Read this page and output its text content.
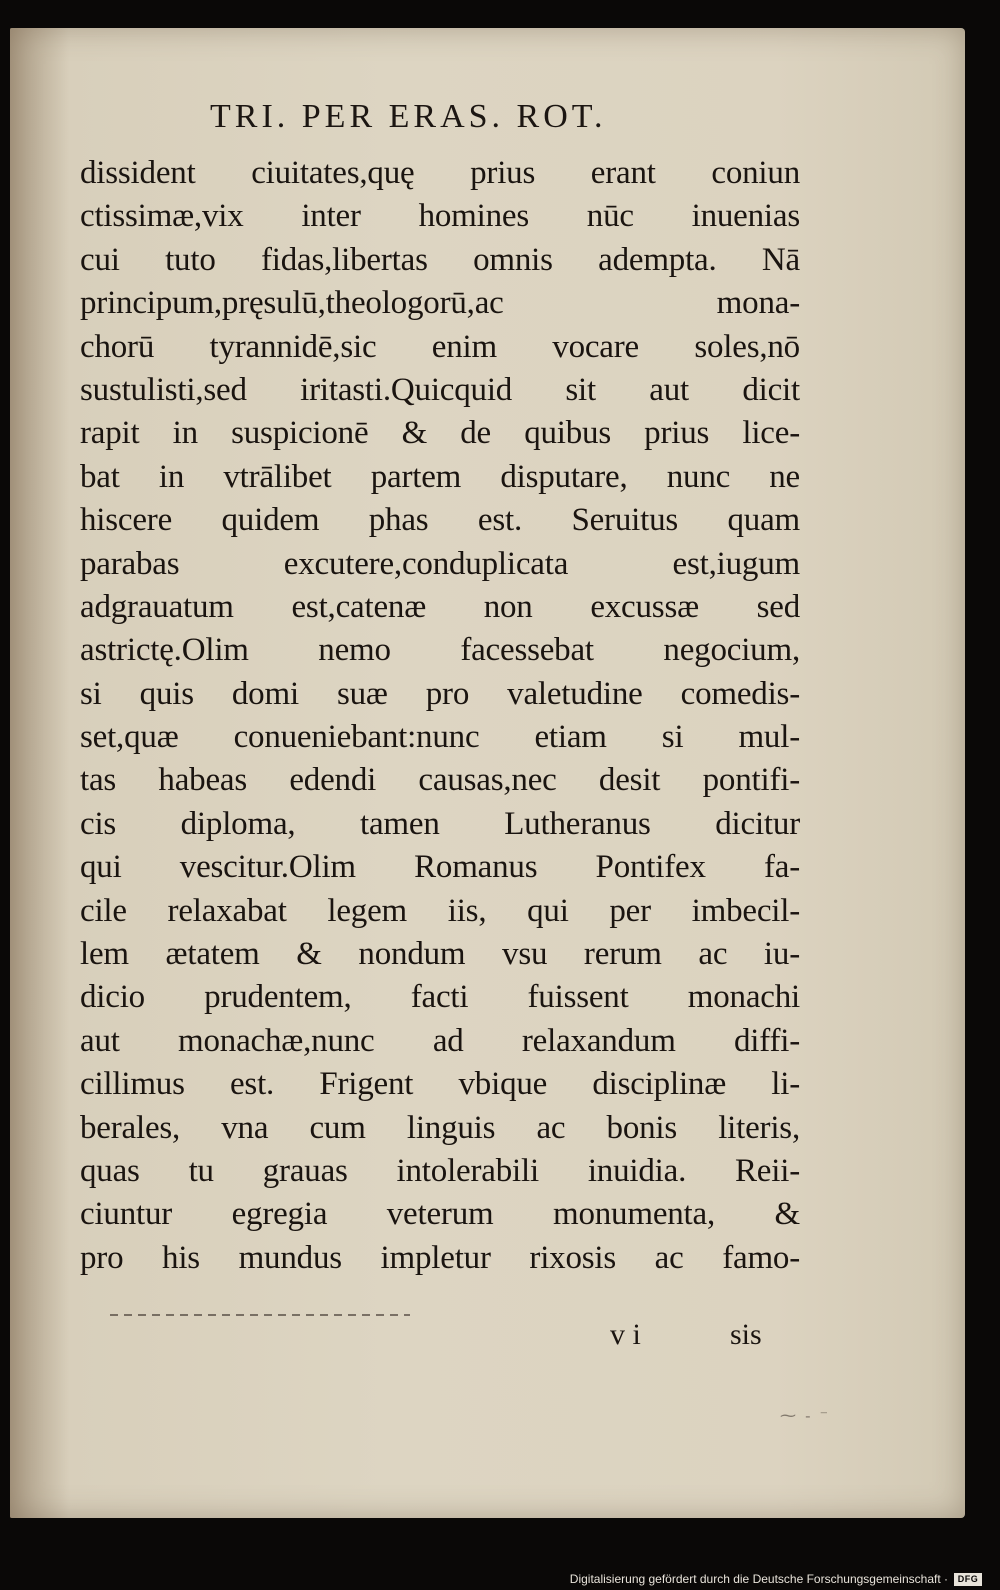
TRI. PER ERAS. ROT.
dissident ciuitates,quę prius erant coniun
ctissimæ,vix inter homines nūc inuenias
cui tuto fidas,libertas omnis adempta. Nā
principum,pręsulū,theologorū,ac mona-
chorū tyrannidē,sic enim vocare soles,nō
sustulisti,sed iritasti.Quicquid sit aut dicit
rapit in suspicionē & de quibus prius lice-
bat in vtrālibet partem disputare, nunc ne
hiscere quidem phas est. Seruitus quam
parabas excutere,conduplicata est,iugum
adgrauatum est,catenæ non excussæ sed
astrictę.Olim nemo facessebat negocium,
si quis domi suæ pro valetudine comedis-
set,quæ conueniebant:nunc etiam si mul-
tas habeas edendi causas,nec desit pontifi-
cis diploma, tamen Lutheranus dicitur
qui vescitur.Olim Romanus Pontifex fa-
cile relaxabat legem iis, qui per imbecil-
lem ætatem & nondum vsu rerum ac iu-
dicio prudentem, facti fuissent monachi
aut monachæ,nunc ad relaxandum diffi-
cillimus est. Frigent vbique disciplinæ li-
berales, vna cum linguis ac bonis literis,
quas tu grauas intolerabili inuidia. Reii-
ciuntur egregia veterum monumenta, &
pro his mundus impletur rixosis ac famo-
v i	sis
⁓ ‐ ⁻
Digitalisierung gefördert durch die Deutsche Forschungsgemeinschaft ·	DFG
